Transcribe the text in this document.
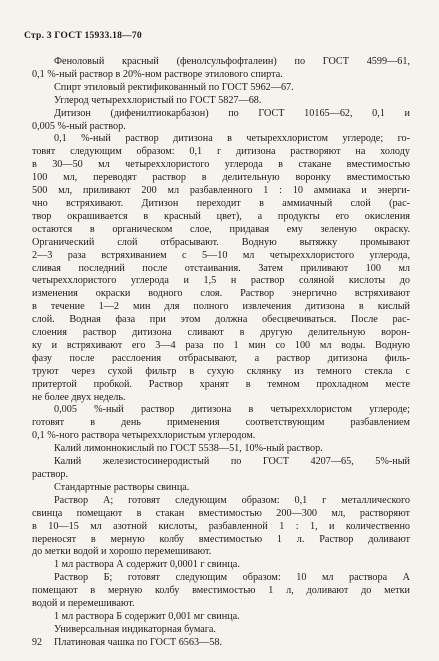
Стр. 3 ГОСТ 15933.18—70
Феноловый красный (фенолсульфофталеин) по ГОСТ 4599—61,
0,1 %-ный раствор в 20%-ном растворе этилового спирта.
Спирт этиловый ректификованный по ГОСТ 5962—67.
Углерод четыреххлористый по ГОСТ 5827—68.
Дитизон (дифенилтиокарбазон) по ГОСТ 10165—62, 0,1 и
0,005 %-ный раствор.
0,1 %-ный раствор дитизона в четыреххлористом углероде; го-
товят следующим образом: 0,1 г дитизона растворяют на холоду
в 30—50 мл четыреххлористого углерода в стакане вместимостью
100 мл, переводят раствор в делительную воронку вместимостью
500 мл, приливают 200 мл разбавленного 1 : 10 аммиака и энерги-
чно встряхивают. Дитизон переходит в аммиачный слой (рас-
твор окрашивается в красный цвет), а продукты его окисления
остаются в органическом слое, придавая ему зеленую окраску.
Органический слой отбрасывают. Водную вытяжку промывают
2—3 раза встряхиванием с 5—10 мл четыреххлористого углерода,
сливая последний после отстаивания. Затем приливают 100 мл
четыреххлористого углерода и 1,5 н раствор соляной кислоты до
изменения окраски водного слоя. Раствор энергично встряхивают
в течение 1—2 мин для полного извлечения дитизона в кислый
слой. Водная фаза при этом должна обесцвечиваться. После рас-
слоения раствор дитизона сливают в другую делительную ворон-
ку и встряхивают его 3—4 раза по 1 мин со 100 мл воды. Водную
фазу после расслоения отбрасывают, а раствор дитизона филь-
труют через сухой фильтр в сухую склянку из темного стекла с
притертой пробкой. Раствор хранят в темном прохладном месте
не более двух недель.
0,005 %-ный раствор дитизона в четыреххлористом углероде;
готовят в день применения соответствующим разбавлением
0,1 %-ного раствора четыреххлористым углеродом.
Калий лимоннокислый по ГОСТ 5538—51, 10%-ный раствор.
Калий железистосинеродистый по ГОСТ 4207—65, 5%-ный
раствор.
Стандартные растворы свинца.
Раствор А; готовят следующим образом: 0,1 г металлического
свинца помещают в стакан вместимостью 200—300 мл, растворяют
в 10—15 мл азотной кислоты, разбавленной 1 : 1, и количественно
переносят в мерную колбу вместимостью 1 л. Раствор доливают
до метки водой и хорошо перемешивают.
1 мл раствора А содержит 0,0001 г свинца.
Раствор Б; готовят следующим образом: 10 мл раствора А
помещают в мерную колбу вместимостью 1 л, доливают до метки
водой и перемешивают.
1 мл раствора Б содержит 0,001 мг свинца.
Универсальная индикаторная бумага.
Платиновая чашка по ГОСТ 6563—58.
92
